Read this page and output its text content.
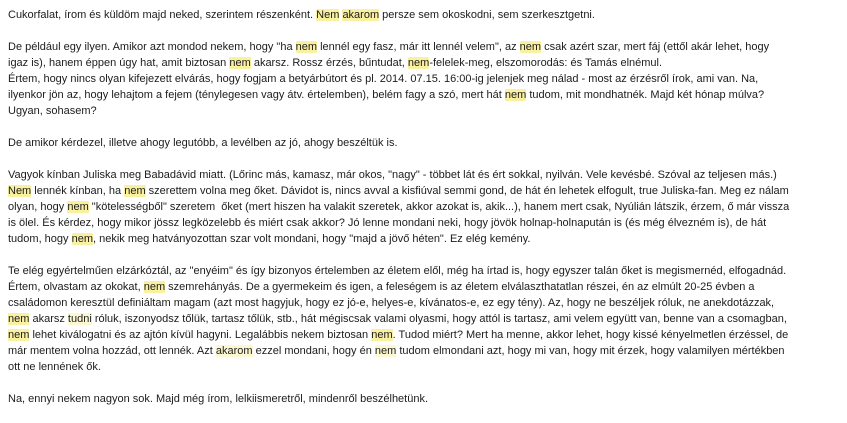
Cukorfalat, írom és küldöm majd neked, szerintem részenként. Nem akarom persze sem okoskodni, sem szerkesztgetni.
De például egy ilyen. Amikor azt mondod nekem, hogy "ha nem lennél egy fasz, már itt lennél velem", az nem csak azért szar, mert fáj (ettől akár lehet, hogy
igaz is), hanem éppen úgy hat, amit biztosan nem akarsz. Rossz érzés, bűntudat, nem-felelek-meg, elszomorodás: és Tamás elnémul.
Értem, hogy nincs olyan kifejezett elvárás, hogy fogjam a betyárbútort és pl. 2014. 07.15. 16:00-ig jelenjek meg nálad - most az érzésről írok, ami van. Na,
ilyenkor jön az, hogy lehajtom a fejem (ténylegesen vagy átv. értelemben), belém fagy a szó, mert hát nem tudom, mit mondhatnék. Majd két hónap múlva?
Ugyan, sohasem?
De amikor kérdezel, illetve ahogy legutóbb, a levélben az jó, ahogy beszéltük is.
Vagyok kínban Juliska meg Babadávid miatt. (Lőrinc más, kamasz, már okos, "nagy" - többet lát és ért sokkal, nyilván. Vele kevésbé. Szóval az teljesen más.)
Nem lennék kínban, ha nem szerettem volna meg őket. Dávidot is, nincs avval a kisfiúval semmi gond, de hát én lehetek elfogult, true Juliska-fan. Meg ez nálam
olyan, hogy nem "kötelességből" szeretem  őket (mert hiszen ha valakit szeretek, akkor azokat is, akik...), hanem mert csak, Nyúlián látszik, érzem, ő már vissza
is ölel. És kérdez, hogy mikor jössz legközelebb és miért csak akkor? Jó lenne mondani neki, hogy jövök holnap-holnapután is (és még élvezném is), de hát
tudom, hogy nem, nekik meg hatványozottan szar volt mondani, hogy "majd a jövő héten". Ez elég kemény.
Te elég egyértelműen elzárkóztál, az "enyéim" és így bizonyos értelemben az életem elől, még ha írtad is, hogy egyszer talán őket is megismernéd, elfogadnád.
Értem, olvastam az okokat, nem szemrehányás. De a gyermekeim és igen, a feleségem is az életem elválaszthatatlan részei, én az elmúlt 20-25 évben a
családomon keresztül definiáltam magam (azt most hagyjuk, hogy ez jó-e, helyes-e, kívánatos-e, ez egy tény). Az, hogy ne beszéljek róluk, ne anekdotázzak,
nem akarsz tudni róluk, iszonyodsz tőlük, tartasz tőlük, stb., hát mégiscsak valami olyasmi, hogy attól is tartasz, ami velem együtt van, benne van a csomagban,
nem lehet kiválogatni és az ajtón kívül hagyni. Legalábbis nekem biztosan nem. Tudod miért? Mert ha menne, akkor lehet, hogy kissé kényelmetlen érzéssel, de
már mentem volna hozzád, ott lennék. Azt akarom ezzel mondani, hogy én nem tudom elmondani azt, hogy mi van, hogy mit érzek, hogy valamilyen mértékben
ott ne lennének ők.
Na, ennyi nekem nagyon sok. Majd még írom, lelkiismeretről, mindenről beszélhetünk.
